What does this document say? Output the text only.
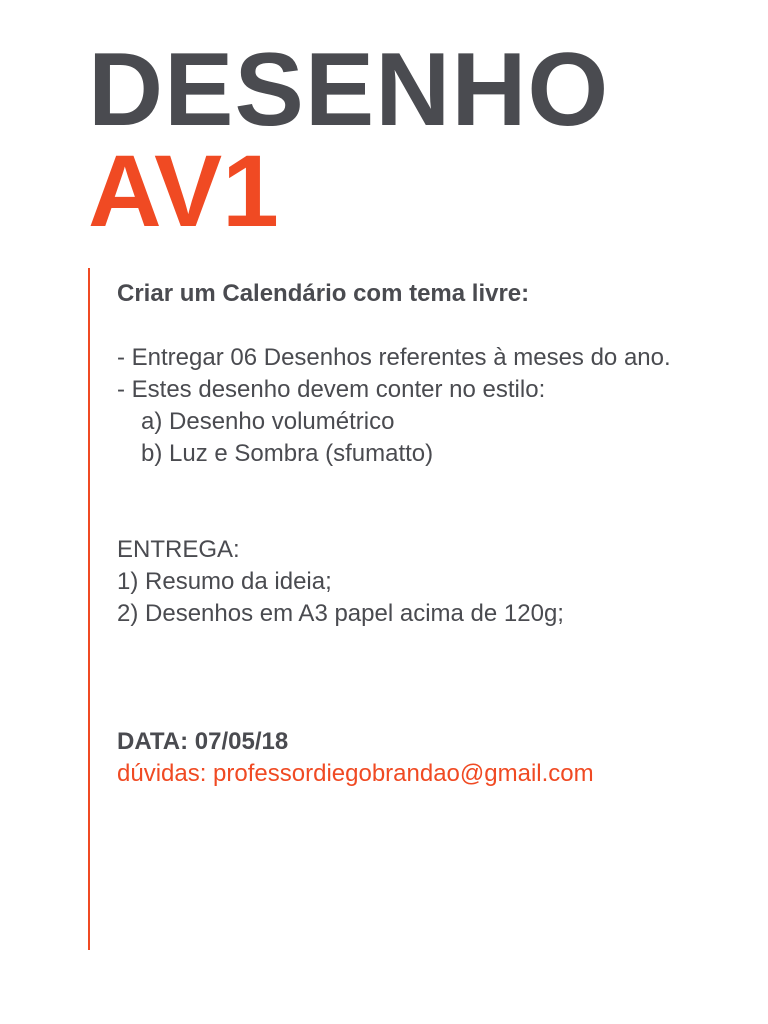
DESENHO
AV1

Criar um Calendário com tema livre:

- Entregar 06 Desenhos referentes à meses do ano.

- Estes desenho devem conter no estilo:

a) Desenho volumétrico

b) Luz e Sombra (sfumatto)

ENTREGA:

1) Resumo da ideia;

2) Desenhos em A3 papel acima de 120g;

DATA: 07/05/18

dúvidas: professordiegobrandao@gmail.com
